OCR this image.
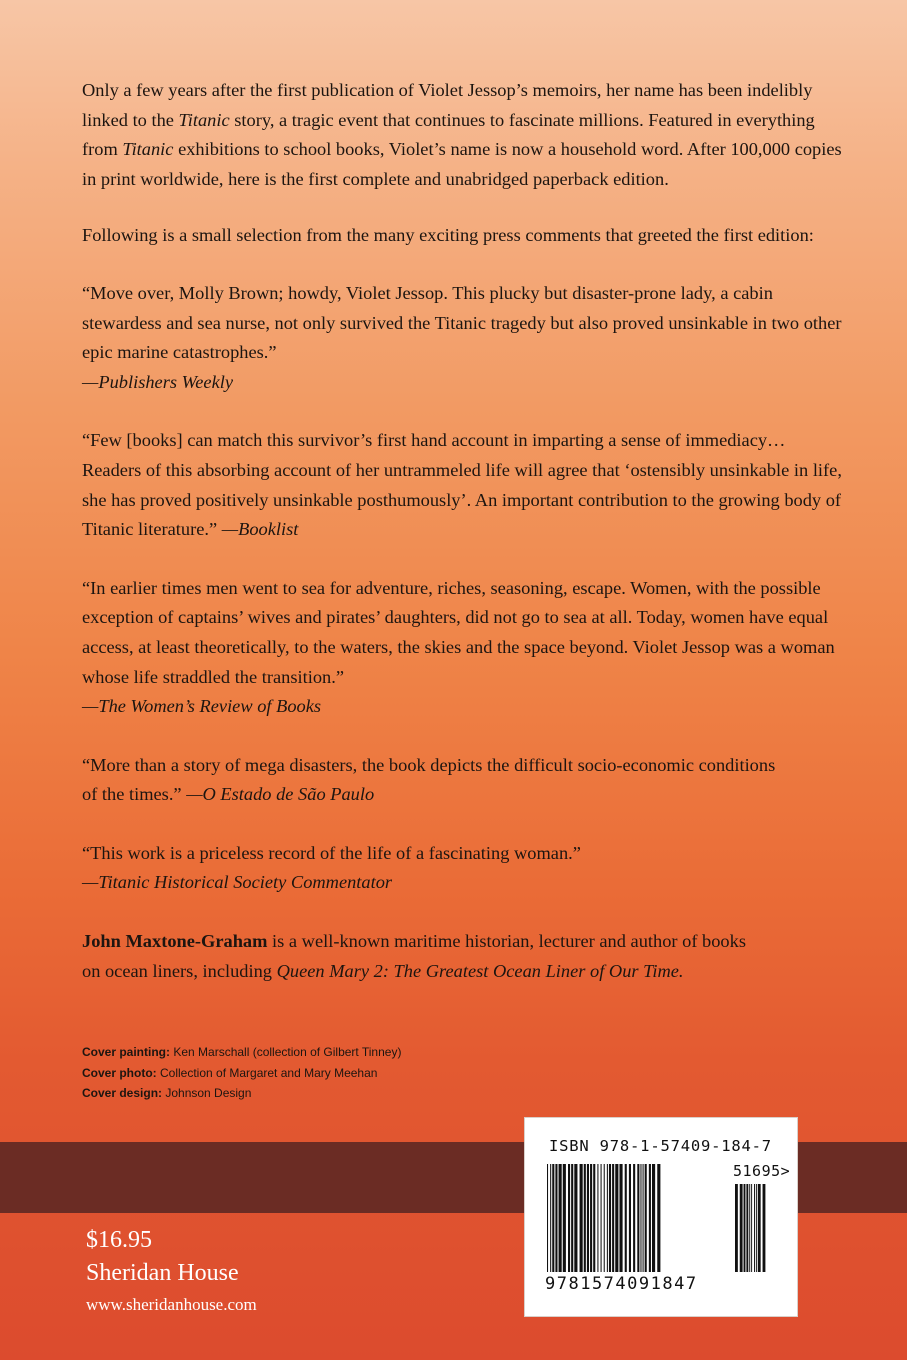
Only a few years after the first publication of Violet Jessop’s memoirs, her name has been indelibly linked to the Titanic story, a tragic event that continues to fascinate millions. Featured in everything from Titanic exhibitions to school books, Violet’s name is now a household word. After 100,000 copies in print worldwide, here is the first complete and unabridged paperback edition.

Following is a small selection from the many exciting press comments that greeted the first edition:

“Move over, Molly Brown; howdy, Violet Jessop. This plucky but disaster-prone lady, a cabin stewardess and sea nurse, not only survived the Titanic tragedy but also proved unsinkable in two other epic marine catastrophes.”
—Publishers Weekly

“Few [books] can match this survivor’s first hand account in imparting a sense of immediacy… Readers of this absorbing account of her untrammeled life will agree that ‘ostensibly unsinkable in life, she has proved positively unsinkable posthumously’. An important contribution to the growing body of Titanic literature.” —Booklist

“In earlier times men went to sea for adventure, riches, seasoning, escape. Women, with the possible exception of captains’ wives and pirates’ daughters, did not go to sea at all. Today, women have equal access, at least theoretically, to the waters, the skies and the space beyond. Violet Jessop was a woman whose life straddled the transition.”
—The Women’s Review of Books

“More than a story of mega disasters, the book depicts the difficult socio-economic conditions of the times.” —O Estado de São Paulo

“This work is a priceless record of the life of a fascinating woman.”
—Titanic Historical Society Commentator

John Maxtone-Graham is a well-known maritime historian, lecturer and author of books on ocean liners, including Queen Mary 2: The Greatest Ocean Liner of Our Time.

Cover painting: Ken Marschall (collection of Gilbert Tinney)
Cover photo: Collection of Margaret and Mary Meehan
Cover design: Johnson Design
$16.95
Sheridan House
www.sheridanhouse.com
ISBN 978-1-57409-184-7
51695>
9781574091847
